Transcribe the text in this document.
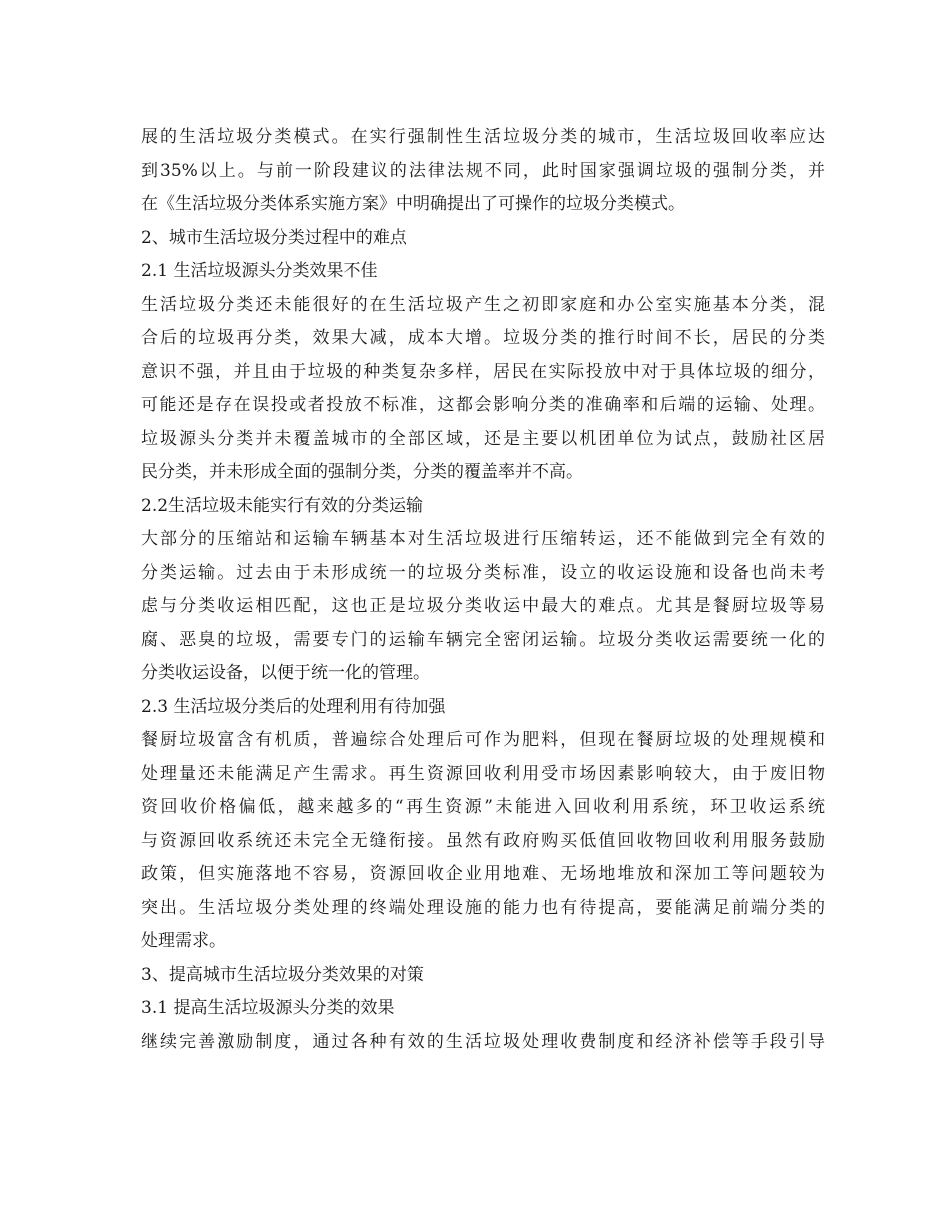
展的生活垃圾分类模式。在实行强制性生活垃圾分类的城市，生活垃圾回收率应达
到35%以上。与前一阶段建议的法律法规不同，此时国家强调垃圾的强制分类，并
在《生活垃圾分类体系实施方案》中明确提出了可操作的垃圾分类模式。
2、城市生活垃圾分类过程中的难点
2.1 生活垃圾源头分类效果不佳
生活垃圾分类还未能很好的在生活垃圾产生之初即家庭和办公室实施基本分类，混
合后的垃圾再分类，效果大减，成本大增。垃圾分类的推行时间不长，居民的分类
意识不强，并且由于垃圾的种类复杂多样，居民在实际投放中对于具体垃圾的细分，
可能还是存在误投或者投放不标准，这都会影响分类的准确率和后端的运输、处理。
垃圾源头分类并未覆盖城市的全部区域，还是主要以机团单位为试点，鼓励社区居
民分类，并未形成全面的强制分类，分类的覆盖率并不高。
2.2生活垃圾未能实行有效的分类运输
大部分的压缩站和运输车辆基本对生活垃圾进行压缩转运，还不能做到完全有效的
分类运输。过去由于未形成统一的垃圾分类标准，设立的收运设施和设备也尚未考
虑与分类收运相匹配，这也正是垃圾分类收运中最大的难点。尤其是餐厨垃圾等易
腐、恶臭的垃圾，需要专门的运输车辆完全密闭运输。垃圾分类收运需要统一化的
分类收运设备，以便于统一化的管理。
2.3 生活垃圾分类后的处理利用有待加强
餐厨垃圾富含有机质，普遍综合处理后可作为肥料，但现在餐厨垃圾的处理规模和
处理量还未能满足产生需求。再生资源回收利用受市场因素影响较大，由于废旧物
资回收价格偏低，越来越多的“再生资源”未能进入回收利用系统，环卫收运系统
与资源回收系统还未完全无缝衔接。虽然有政府购买低值回收物回收利用服务鼓励
政策，但实施落地不容易，资源回收企业用地难、无场地堆放和深加工等问题较为
突出。生活垃圾分类处理的终端处理设施的能力也有待提高，要能满足前端分类的
处理需求。
3、提高城市生活垃圾分类效果的对策
3.1 提高生活垃圾源头分类的效果
继续完善激励制度，通过各种有效的生活垃圾处理收费制度和经济补偿等手段引导
